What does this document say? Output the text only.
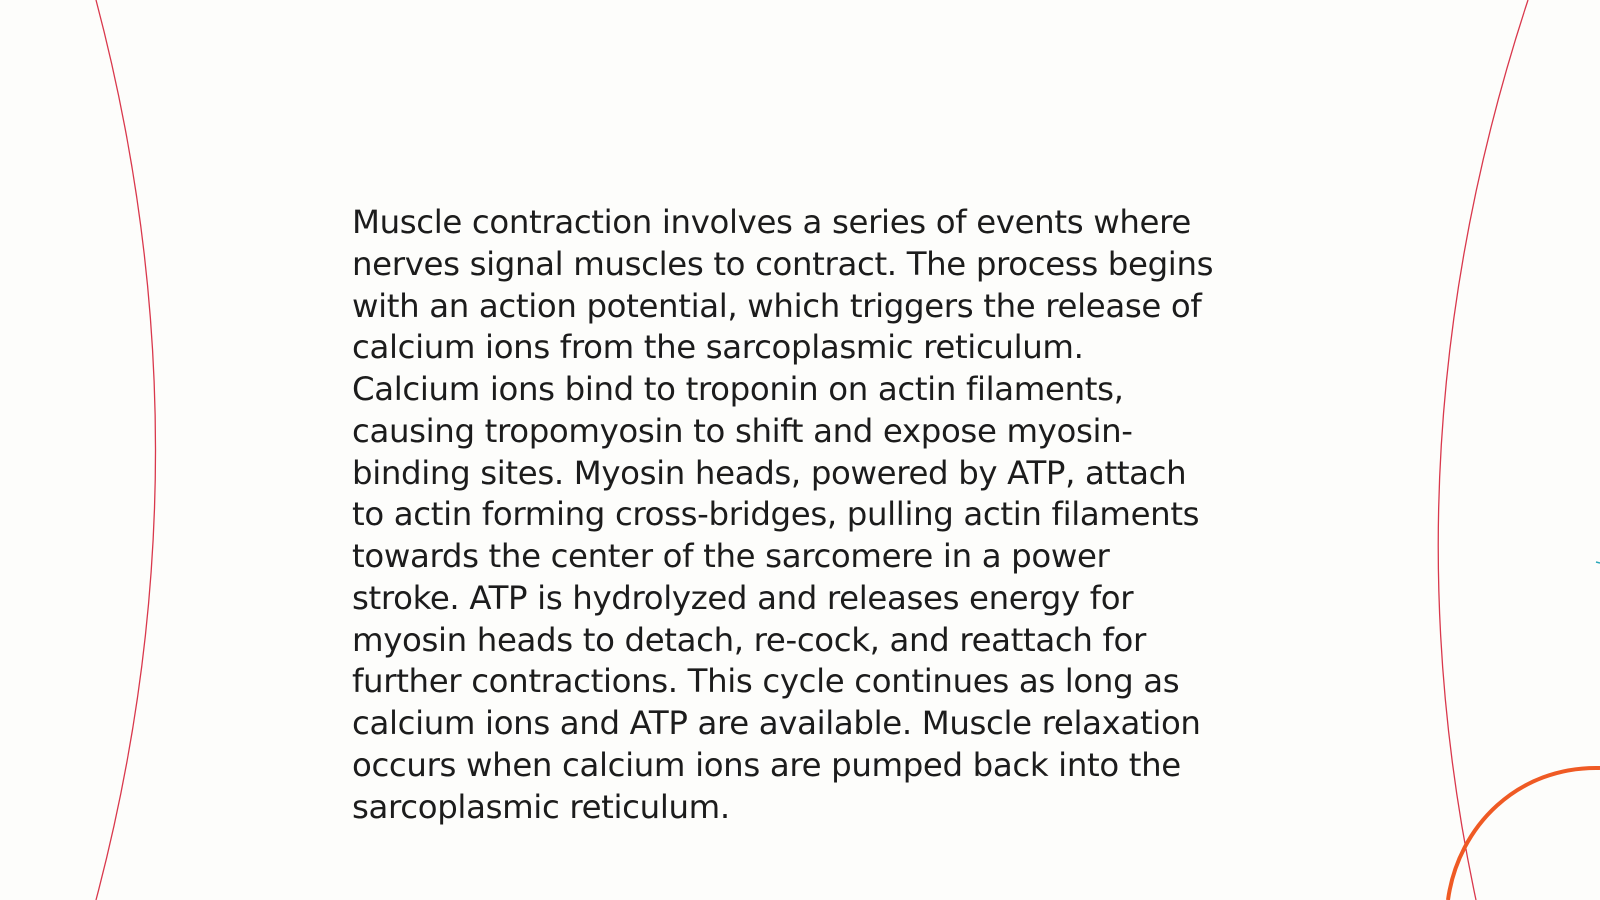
Muscle contraction involves a series of events where
nerves signal muscles to contract. The process begins
with an action potential, which triggers the release of
calcium ions from the sarcoplasmic reticulum.
Calcium ions bind to troponin on actin filaments,
causing tropomyosin to shift and expose myosin-
binding sites. Myosin heads, powered by ATP, attach
to actin forming cross-bridges, pulling actin filaments
towards the center of the sarcomere in a power
stroke. ATP is hydrolyzed and releases energy for
myosin heads to detach, re-cock, and reattach for
further contractions. This cycle continues as long as
calcium ions and ATP are available. Muscle relaxation
occurs when calcium ions are pumped back into the
sarcoplasmic reticulum.
